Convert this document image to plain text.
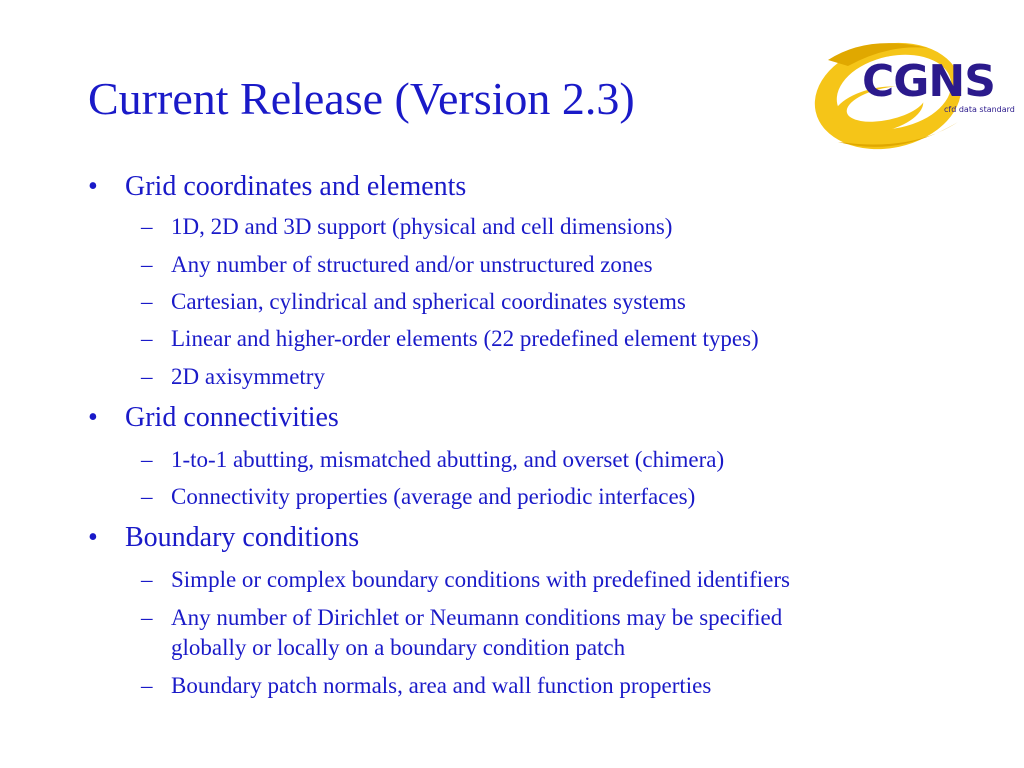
Current Release (Version 2.3)	CGNS
cfd data standard
• Grid coordinates and elements
– 1D, 2D and 3D support (physical and cell dimensions)
– Any number of structured and/or unstructured zones
– Cartesian, cylindrical and spherical coordinates systems
– Linear and higher-order elements (22 predefined element types)
– 2D axisymmetry
• Grid connectivities
– 1-to-1 abutting, mismatched abutting, and overset (chimera)
– Connectivity properties (average and periodic interfaces)
• Boundary conditions
– Simple or complex boundary conditions with predefined identifiers
– Any number of Dirichlet or Neumann conditions may be specified
globally or locally on a boundary condition patch
– Boundary patch normals, area and wall function properties
